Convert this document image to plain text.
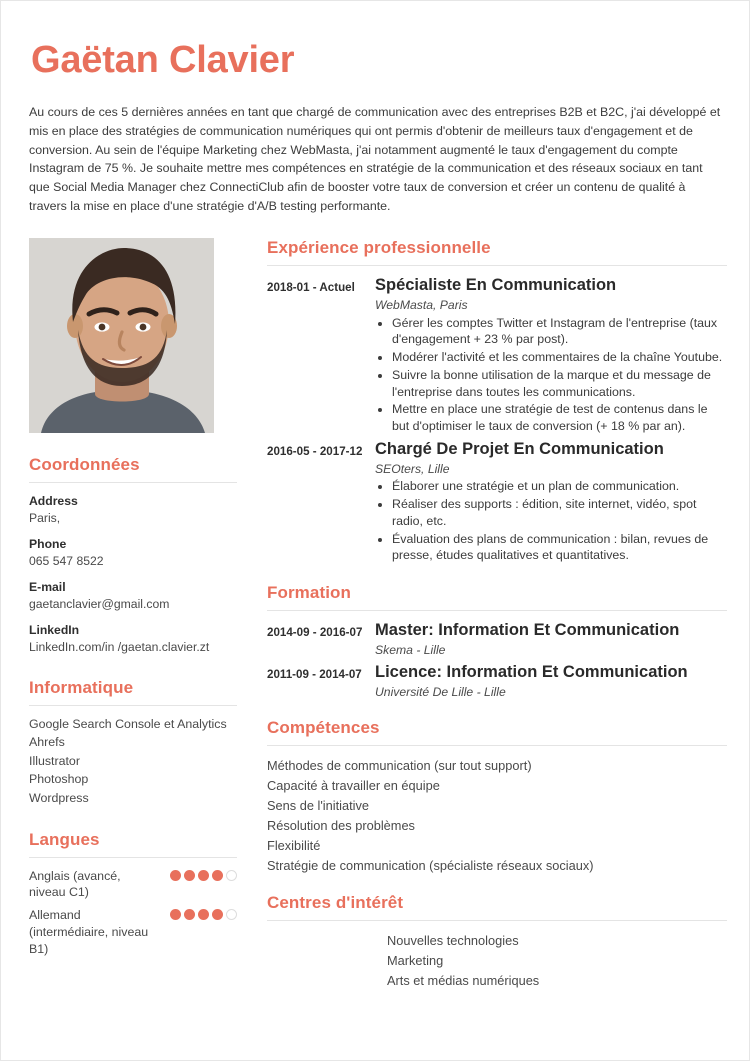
Gaëtan Clavier

Au cours de ces 5 dernières années en tant que chargé de communication avec des entreprises B2B et B2C, j'ai développé et mis en place des stratégies de communication numériques qui ont permis d'obtenir de meilleurs taux d'engagement et de conversion. Au sein de l'équipe Marketing chez WebMasta, j'ai notamment augmenté le taux d'engagement du compte Instagram de 75 %. Je souhaite mettre mes compétences en stratégie de la communication et des réseaux sociaux en tant que Social Media Manager chez ConnectiClub afin de booster votre taux de conversion et créer un contenu de qualité à travers la mise en place d'une stratégie d'A/B testing performante.

Coordonnées
Address
Paris,
Phone
065 547 8522
E-mail
gaetanclavier@gmail.com
LinkedIn
LinkedIn.com/in /gaetan.clavier.zt
Informatique
Google Search Console et Analytics
Ahrefs
Illustrator
Photoshop
Wordpress
Langues
Anglais (avancé, niveau C1)
Allemand (intermédiaire, niveau B1)
Expérience professionnelle
2018-01 - Actuel	Spécialiste En Communication
WebMasta, Paris
• Gérer les comptes Twitter et Instagram de l'entreprise (taux d'engagement + 23 % par post).
• Modérer l'activité et les commentaires de la chaîne Youtube.
• Suivre la bonne utilisation de la marque et du message de l'entreprise dans toutes les communications.
• Mettre en place une stratégie de test de contenus dans le but d'optimiser le taux de conversion (+ 18 % par an).
2016-05 - 2017-12 Chargé De Projet En Communication
SEOters, Lille
• Élaborer une stratégie et un plan de communication.
• Réaliser des supports : édition, site internet, vidéo, spot radio, etc.
• Évaluation des plans de communication : bilan, revues de presse, études qualitatives et quantitatives.
Formation
2014-09 - 2016-07 Master: Information Et Communication
Skema - Lille
2011-09 - 2014-07 Licence: Information Et Communication
Université De Lille - Lille
Compétences
Méthodes de communication (sur tout support)
Capacité à travailler en équipe
Sens de l'initiative
Résolution des problèmes
Flexibilité
Stratégie de communication (spécialiste réseaux sociaux)
Centres d'intérêt
Nouvelles technologies
Marketing
Arts et médias numériques
